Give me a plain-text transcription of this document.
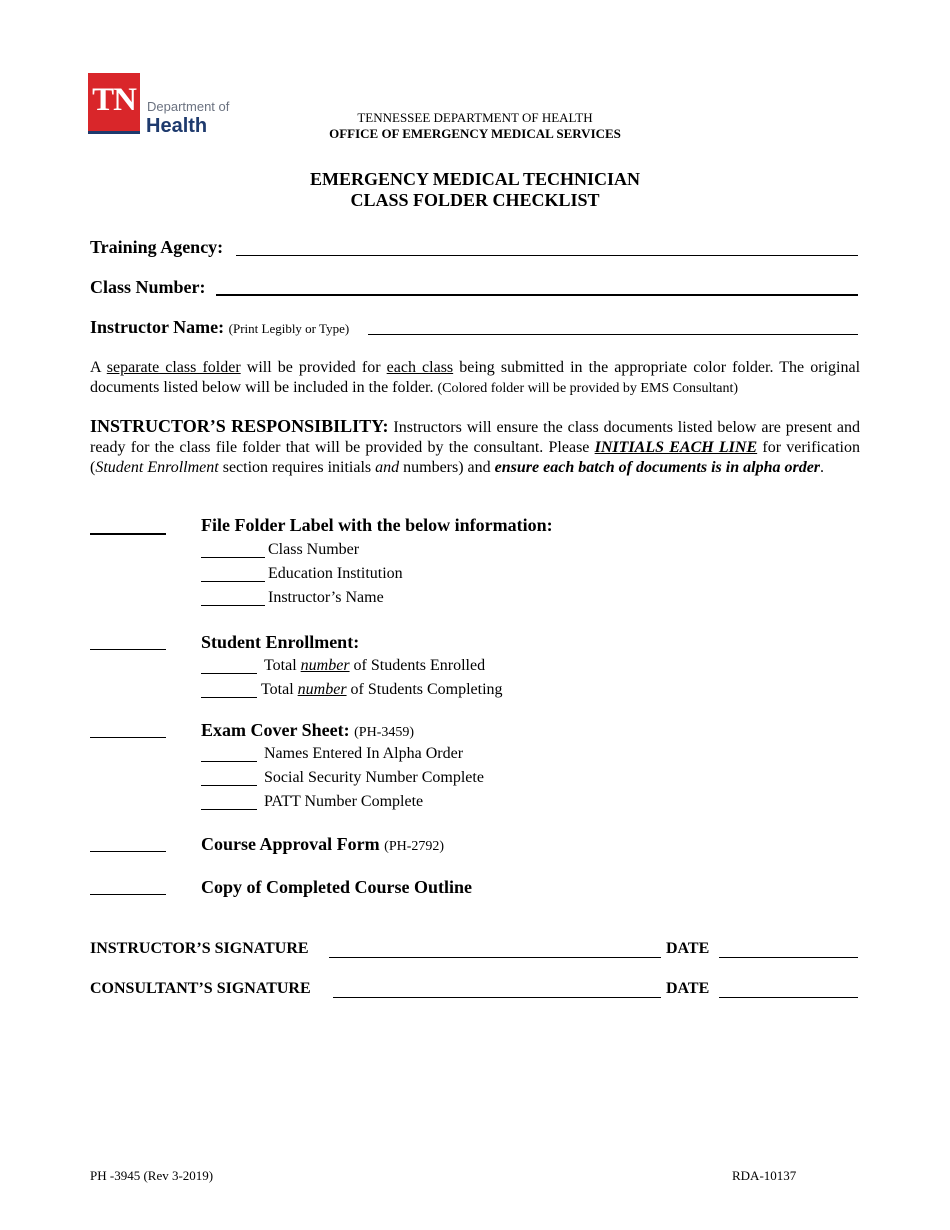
TN Department of
Health	TENNESSEE DEPARTMENT OF HEALTH
OFFICE OF EMERGENCY MEDICAL SERVICES
EMERGENCY MEDICAL TECHNICIAN
CLASS FOLDER CHECKLIST
Training Agency:
Class Number:
Instructor Name: (Print Legibly or Type)
A separate class folder will be provided for each class being submitted in the appropriate color folder. The original documents listed below will be included in the folder. (Colored folder will be provided by EMS Consultant)
INSTRUCTOR’S RESPONSIBILITY: Instructors will ensure the class documents listed below are present and ready for the class file folder that will be provided by the consultant. Please INITIALS EACH LINE for verification (Student Enrollment section requires initials and numbers) and ensure each batch of documents is in alpha order.
File Folder Label with the below information:
Class Number
Education Institution
Instructor’s Name
Student Enrollment:
Total number of Students Enrolled
Total number of Students Completing
Exam Cover Sheet: (PH-3459)
Names Entered In Alpha Order
Social Security Number Complete
PATT Number Complete
Course Approval Form (PH-2792)
Copy of Completed Course Outline
INSTRUCTOR’S SIGNATURE	DATE
CONSULTANT’S SIGNATURE	DATE
PH -3945 (Rev 3-2019)	RDA-10137
